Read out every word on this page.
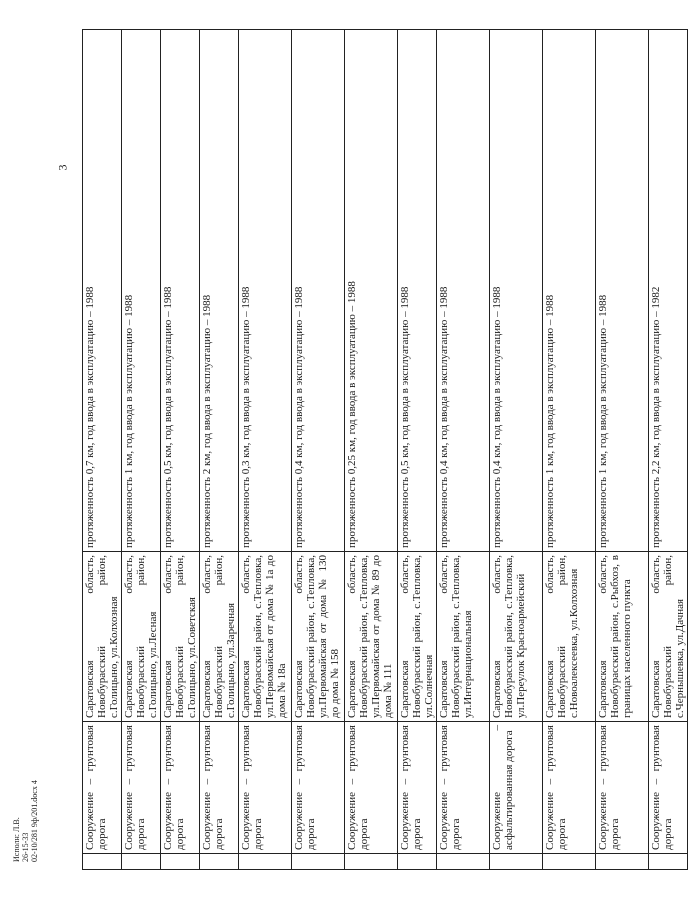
3
Исполн: Л.В. 26-15-33 02-10/281 9ф/201.docx 4
		Сооружение – грунтовая дорога	Саратовская область, Новобурасский район, с.Голицыно, ул.Колхозная	протяженность 0,7 км, год ввода в эксплуатацию – 1988
	Сооружение – грунтовая дорога	Саратовская область, Новобурасский район, с.Голицыно, ул.Лесная	протяженность 1 км, год ввода в эксплуатацию – 1988
	Сооружение – грунтовая дорога	Саратовская область, Новобурасский район, с.Голицыно, ул.Советская	протяженность 0,5 км, год ввода в эксплуатацию – 1988
	Сооружение – грунтовая дорога	Саратовская область, Новобурасский район, с.Голицыно, ул.Заречная	протяженность 2 км, год ввода в эксплуатацию – 1988
	Сооружение – грунтовая дорога	Саратовская область, Новобурасский район, с.Тепловка, ул.Первомайская от дома № 1а до дома № 18а	протяженность 0,3 км, год ввода в эксплуатацию – 1988
	Сооружение – грунтовая дорога	Саратовская область, Новобурасский район, с.Тепловка, ул.Первомайская от дома № 130 до дома № 158	протяженность 0,4 км, год ввода в эксплуатацию – 1988
	Сооружение – грунтовая дорога	Саратовская область, Новобурасский район, с.Тепловка, ул.Первомайская от дома № 89 до дома № 111	протяженность 0,25 км, год ввода в эксплуатацию – 1988
	Сооружение – грунтовая дорога	Саратовская область, Новобурасский район, с.Тепловка, ул.Солнечная	протяженность 0,5 км, год ввода в эксплуатацию – 1988
	Сооружение – грунтовая дорога	Саратовская область, Новобурасский район, с.Тепловка, ул.Интернациональная	протяженность 0,4 км, год ввода в эксплуатацию – 1988
	Сооружение – асфальтированная дорога	Саратовская область, Новобурасский район, с.Тепловка, ул.Переулок Красноармейский	протяженность 0,4 км, год ввода в эксплуатацию – 1988
	Сооружение – грунтовая дорога	Саратовская область, Новобурасский район, с.Новоалексеевка, ул.Колхозная	протяженность 1 км, год ввода в эксплуатацию – 1988
	Сооружение – грунтовая дорога	Саратовская область, Новобурасский район, с.Рыбхоз, в границах населенного пункта	протяженность 1 км, год ввода в эксплуатацию – 1988
	Сооружение – грунтовая дорога	Саратовская область, Новобурасский район, с.Чернышевка, ул.Дачная	протяженность 2,2 км, год ввода в эксплуатацию – 1982
